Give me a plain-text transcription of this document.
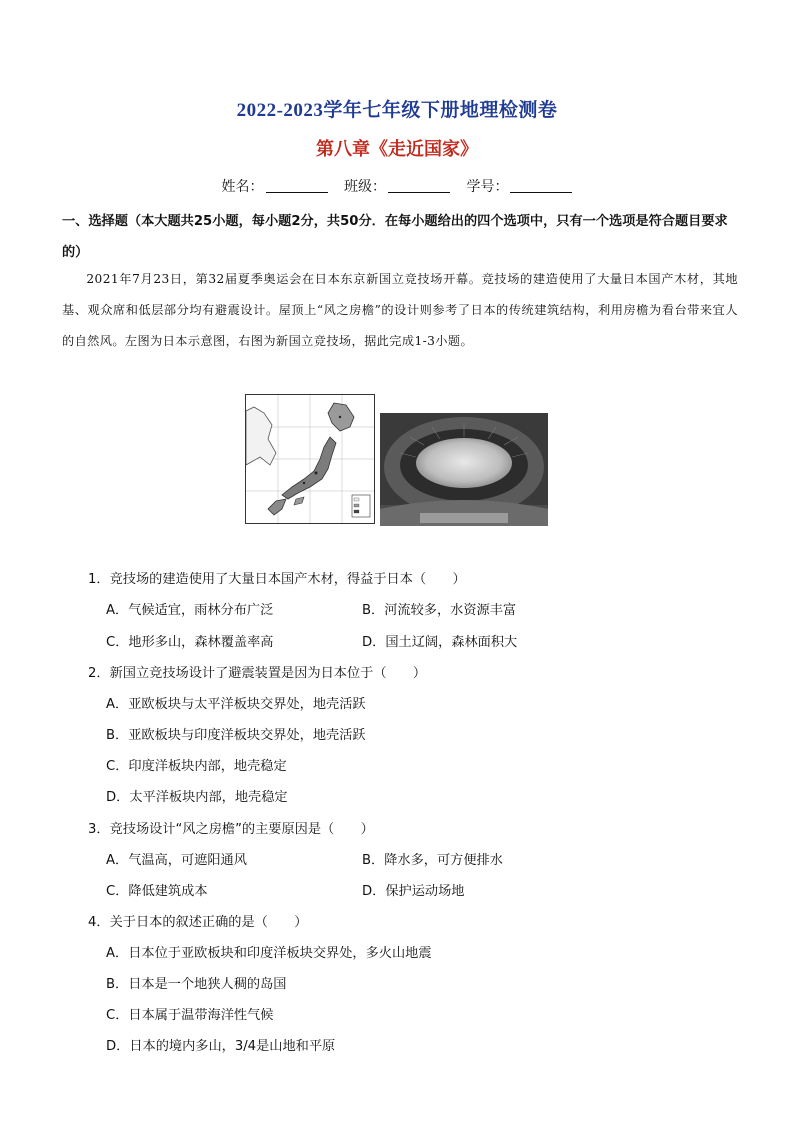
2022-2023学年七年级下册地理检测卷
第八章《走近国家》
姓名：	班级：	学号：
一、选择题（本大题共25小题，每小题2分，共50分．在每小题给出的四个选项中，只有一个选项是符合题目要求的）
2021年7月23日，第32届夏季奥运会在日本东京新国立竞技场开幕。竞技场的建造使用了大量日本国产木材，其地基、观众席和低层部分均有避震设计。屋顶上“风之房檐”的设计则参考了日本的传统建筑结构，利用房檐为看台带来宜人的自然风。左图为日本示意图，右图为新国立竞技场，据此完成1-3小题。
1．竞技场的建造使用了大量日本国产木材，得益于日本（　　）
A．气候适宜，雨林分布广泛	B．河流较多，水资源丰富
C．地形多山，森林覆盖率高	D．国土辽阔，森林面积大
2．新国立竞技场设计了避震装置是因为日本位于（　　）
A．亚欧板块与太平洋板块交界处，地壳活跃
B．亚欧板块与印度洋板块交界处，地壳活跃
C．印度洋板块内部，地壳稳定
D．太平洋板块内部，地壳稳定
3．竞技场设计“风之房檐”的主要原因是（　　）
A．气温高，可遮阳通风	B．降水多，可方便排水
C．降低建筑成本	D．保护运动场地
4．关于日本的叙述正确的是（　　）
A．日本位于亚欧板块和印度洋板块交界处，多火山地震
B．日本是一个地狭人稠的岛国
C．日本属于温带海洋性气候
D．日本的境内多山，3/4是山地和平原
